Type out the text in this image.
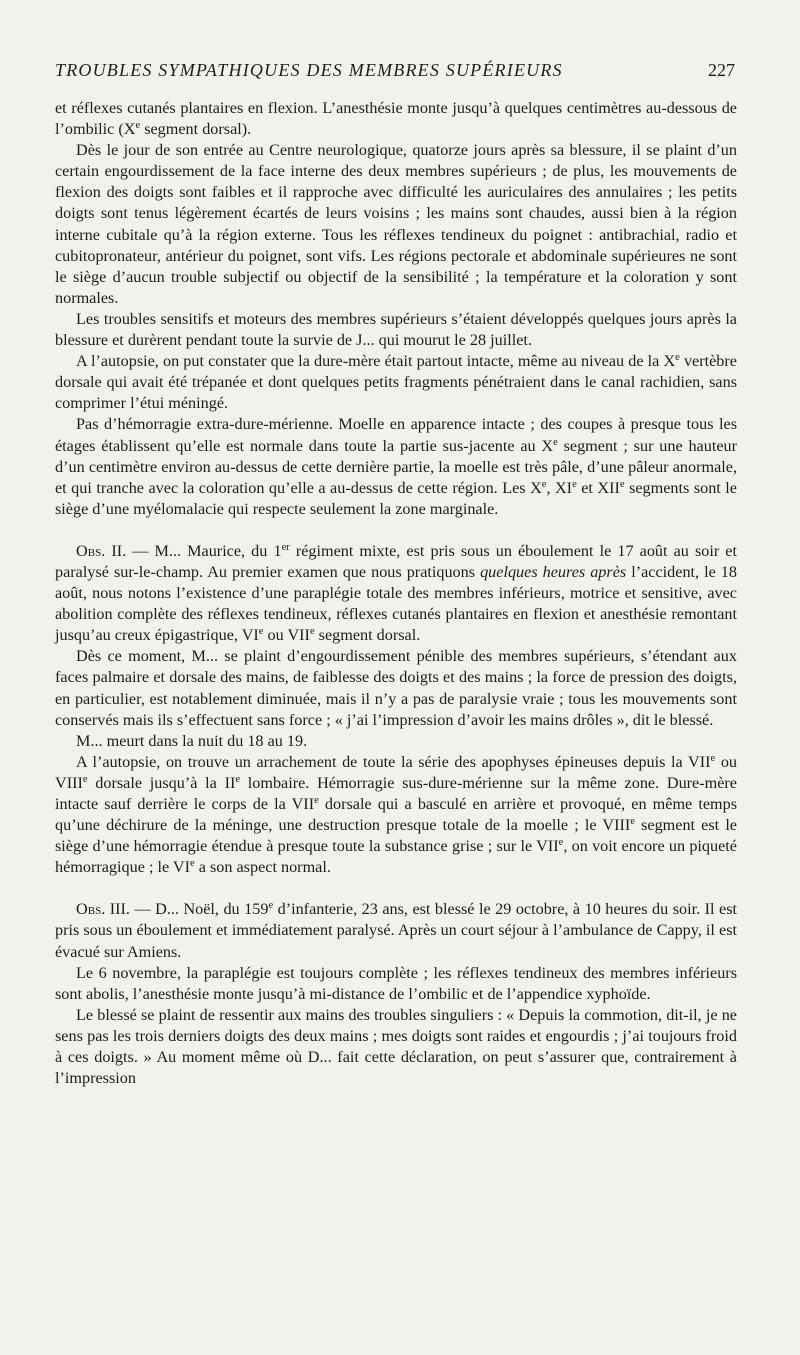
TROUBLES SYMPATHIQUES DES MEMBRES SUPÉRIEURS	227

et réflexes cutanés plantaires en flexion. L’anesthésie monte jusqu’à quelques centimètres au-dessous de l’ombilic (Xe segment dorsal).

Dès le jour de son entrée au Centre neurologique, quatorze jours après sa blessure, il se plaint d’un certain engourdissement de la face interne des deux membres supérieurs ; de plus, les mouvements de flexion des doigts sont faibles et il rapproche avec difficulté les auriculaires des annulaires ; les petits doigts sont tenus légèrement écartés de leurs voisins ; les mains sont chaudes, aussi bien à la région interne cubitale qu’à la région externe. Tous les réflexes tendineux du poignet : antibrachial, radio et cubitopronateur, antérieur du poignet, sont vifs. Les régions pectorale et abdominale supérieures ne sont le siège d’aucun trouble subjectif ou objectif de la sensibilité ; la température et la coloration y sont normales.

Les troubles sensitifs et moteurs des membres supérieurs s’étaient développés quelques jours après la blessure et durèrent pendant toute la survie de J... qui mourut le 28 juillet.

A l’autopsie, on put constater que la dure-mère était partout intacte, même au niveau de la Xe vertèbre dorsale qui avait été trépanée et dont quelques petits fragments pénétraient dans le canal rachidien, sans comprimer l’étui méningé.

Pas d’hémorragie extra-dure-mérienne. Moelle en apparence intacte ; des coupes à presque tous les étages établissent qu’elle est normale dans toute la partie sus-jacente au Xe segment ; sur une hauteur d’un centimètre environ au-dessus de cette dernière partie, la moelle est très pâle, d’une pâleur anormale, et qui tranche avec la coloration qu’elle a au-dessus de cette région. Les Xe, XIe et XIIe segments sont le siège d’une myélomalacie qui respecte seulement la zone marginale.

Obs. II. — M... Maurice, du 1er régiment mixte, est pris sous un éboulement le 17 août au soir et paralysé sur-le-champ. Au premier examen que nous pratiquons quelques heures après l’accident, le 18 août, nous notons l’existence d’une paraplégie totale des membres inférieurs, motrice et sensitive, avec abolition complète des réflexes tendineux, réflexes cutanés plantaires en flexion et anesthésie remontant jusqu’au creux épigastrique, VIe ou VIIe segment dorsal.

Dès ce moment, M... se plaint d’engourdissement pénible des membres supérieurs, s’étendant aux faces palmaire et dorsale des mains, de faiblesse des doigts et des mains ; la force de pression des doigts, en particulier, est notablement diminuée, mais il n’y a pas de paralysie vraie ; tous les mouvements sont conservés mais ils s’effectuent sans force ; « j’ai l’impression d’avoir les mains drôles », dit le blessé.

M... meurt dans la nuit du 18 au 19.

A l’autopsie, on trouve un arrachement de toute la série des apophyses épineuses depuis la VIIe ou VIIIe dorsale jusqu’à la IIe lombaire. Hémorragie sus-dure-mérienne sur la même zone. Dure-mère intacte sauf derrière le corps de la VIIe dorsale qui a basculé en arrière et provoqué, en même temps qu’une déchirure de la méninge, une destruction presque totale de la moelle ; le VIIIe segment est le siège d’une hémorragie étendue à presque toute la substance grise ; sur le VIIe, on voit encore un piqueté hémorragique ; le VIe a son aspect normal.

Obs. III. — D... Noël, du 159e d’infanterie, 23 ans, est blessé le 29 octobre, à 10 heures du soir. Il est pris sous un éboulement et immédiatement paralysé. Après un court séjour à l’ambulance de Cappy, il est évacué sur Amiens.

Le 6 novembre, la paraplégie est toujours complète ; les réflexes tendineux des membres inférieurs sont abolis, l’anesthésie monte jusqu’à mi-distance de l’ombilic et de l’appendice xyphoïde.

Le blessé se plaint de ressentir aux mains des troubles singuliers : « Depuis la commotion, dit-il, je ne sens pas les trois derniers doigts des deux mains ; mes doigts sont raides et engourdis ; j’ai toujours froid à ces doigts. » Au moment même où D... fait cette déclaration, on peut s’assurer que, contrairement à l’impression
